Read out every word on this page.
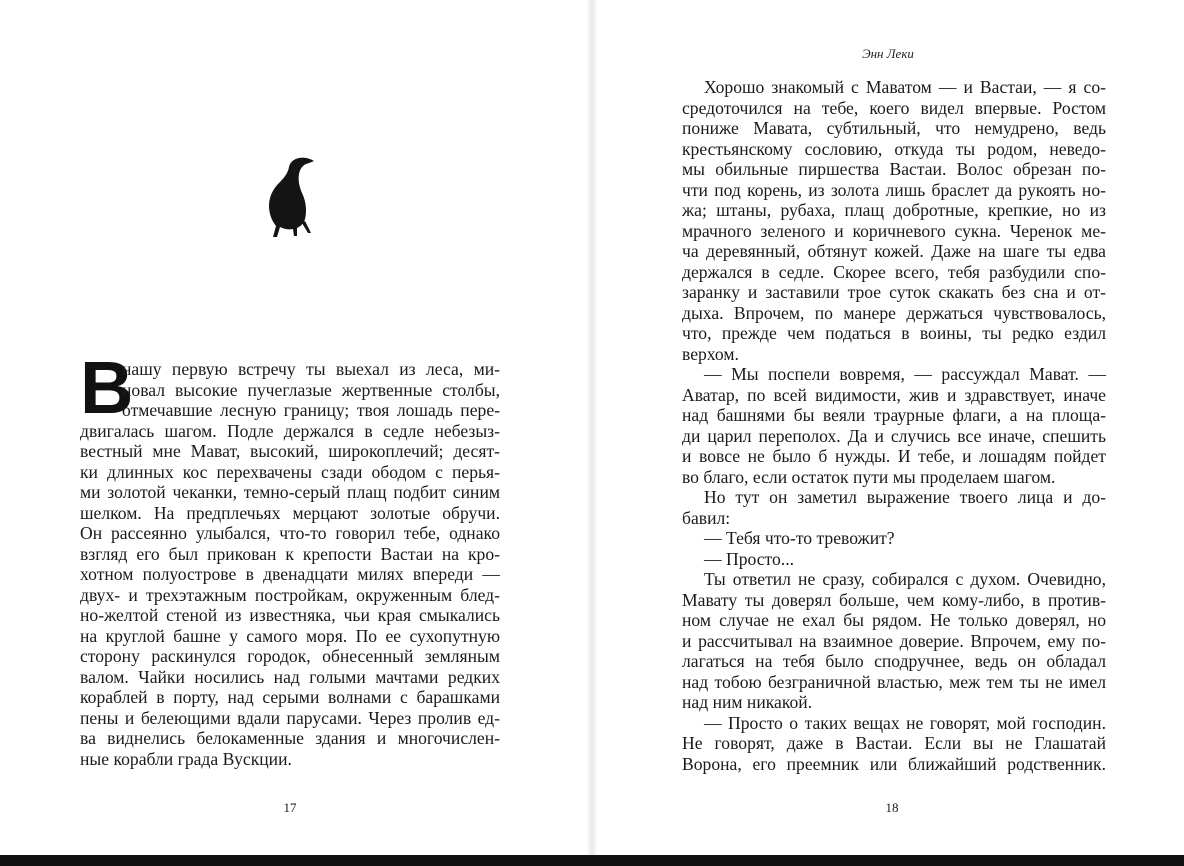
В
нашу первую встречу ты выехал из леса, ми-
новал высокие пучеглазые жертвенные столбы,
отмечавшие лесную границу; твоя лошадь пере-
двигалась шагом. Подле держался в седле небезыз-
вестный мне Мават, высокий, широкоплечий; десят-
ки длинных кос перехвачены сзади ободом с перья-
ми золотой чеканки, темно-серый плащ подбит синим
шелком. На предплечьях мерцают золотые обручи.
Он рассеянно улыбался, что-то говорил тебе, однако
взгляд его был прикован к крепости Вастаи на кро-
хотном полуострове в двенадцати милях впереди —
двух- и трехэтажным постройкам, окруженным блед-
но-желтой стеной из известняка, чьи края смыкались
на круглой башне у самого моря. По ее сухопутную
сторону раскинулся городок, обнесенный земляным
валом. Чайки носились над голыми мачтами редких
кораблей в порту, над серыми волнами с барашками
пены и белеющими вдали парусами. Через пролив ед-
ва виднелись белокаменные здания и многочислен-
ные корабли града Вускции.
Энн Леки
Хорошо знакомый с Маватом — и Вастаи, — я со-
средоточился на тебе, коего видел впервые. Ростом
пониже Мавата, субтильный, что немудрено, ведь
крестьянскому сословию, откуда ты родом, неведо-
мы обильные пиршества Вастаи. Волос обрезан по-
чти под корень, из золота лишь браслет да рукоять но-
жа; штаны, рубаха, плащ добротные, крепкие, но из
мрачного зеленого и коричневого сукна. Черенок ме-
ча деревянный, обтянут кожей. Даже на шаге ты едва
держался в седле. Скорее всего, тебя разбудили спо-
заранку и заставили трое суток скакать без сна и от-
дыха. Впрочем, по манере держаться чувствовалось,
что, прежде чем податься в воины, ты редко ездил
верхом.
— Мы поспели вовремя, — рассуждал Мават. —
Аватар, по всей видимости, жив и здравствует, иначе
над башнями бы веяли траурные флаги, а на площа-
ди царил переполох. Да и случись все иначе, спешить
и вовсе не было б нужды. И тебе, и лошадям пойдет
во благо, если остаток пути мы проделаем шагом.
Но тут он заметил выражение твоего лица и до-
бавил:
— Тебя что-то тревожит?
— Просто...
Ты ответил не сразу, собирался с духом. Очевидно,
Мавату ты доверял больше, чем кому-либо, в против-
ном случае не ехал бы рядом. Не только доверял, но
и рассчитывал на взаимное доверие. Впрочем, ему по-
лагаться на тебя было сподручнее, ведь он обладал
над тобою безграничной властью, меж тем ты не имел
над ним никакой.
— Просто о таких вещах не говорят, мой господин.
Не говорят, даже в Вастаи. Если вы не Глашатай
Ворона, его преемник или ближайший родственник.
17	18
